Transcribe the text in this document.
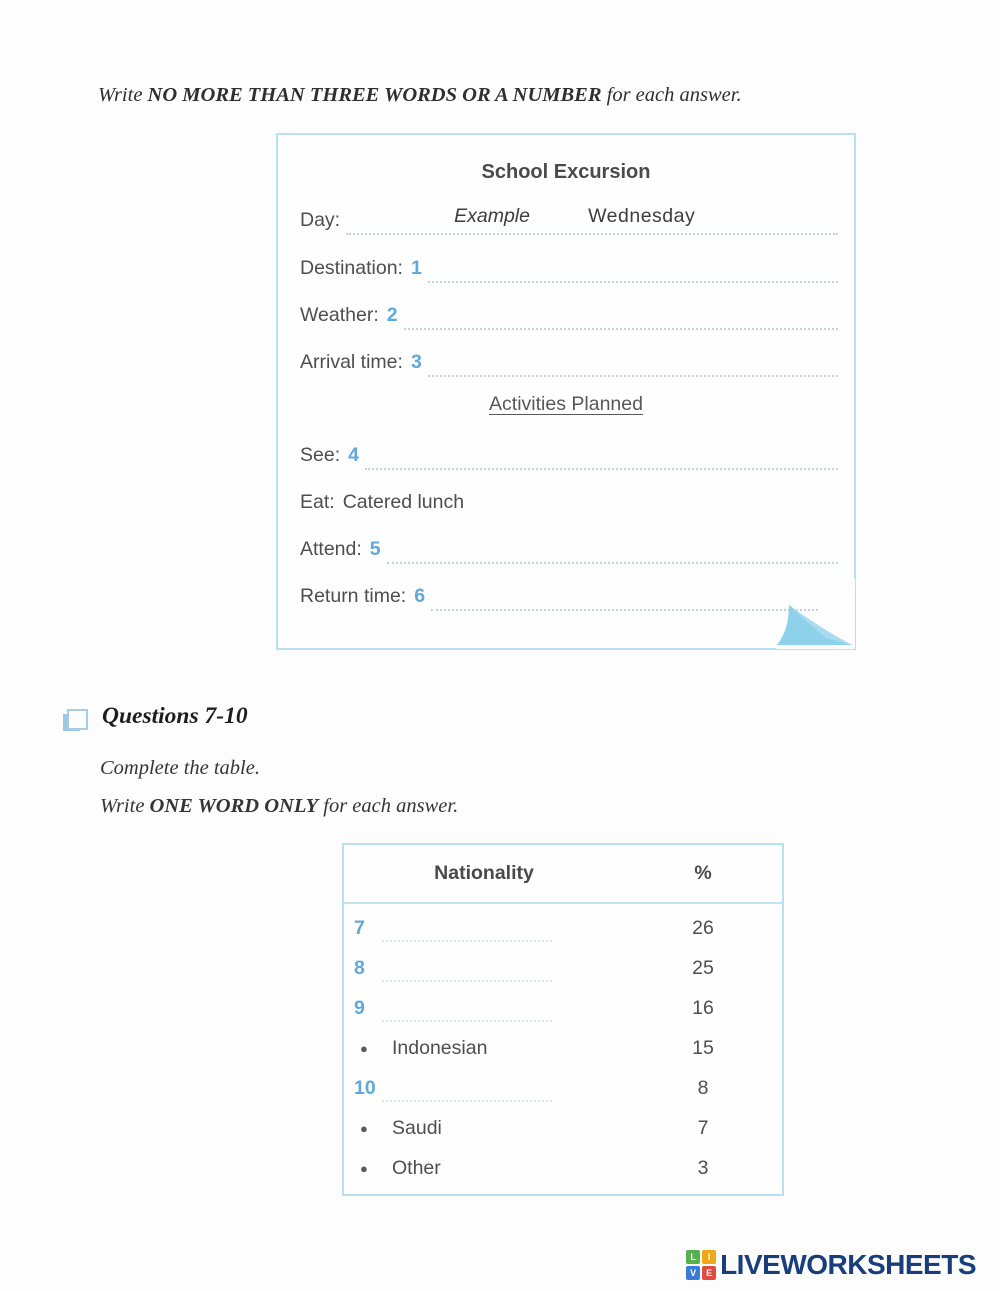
Write NO MORE THAN THREE WORDS OR A NUMBER for each answer.
School Excursion
Day:	Example	Wednesday
Destination: 1
Weather: 2
Arrival time: 3
Activities Planned
See: 4
Eat: Catered lunch
Attend: 5
Return time: 6
Questions 7-10
Complete the table.
Write ONE WORD ONLY for each answer.
Nationality	%
7	26
8	25
9	16
●	Indonesian	15
10	8
●	Saudi	7
●	Other	3
L	I
V	E LIVEWORKSHEETS
